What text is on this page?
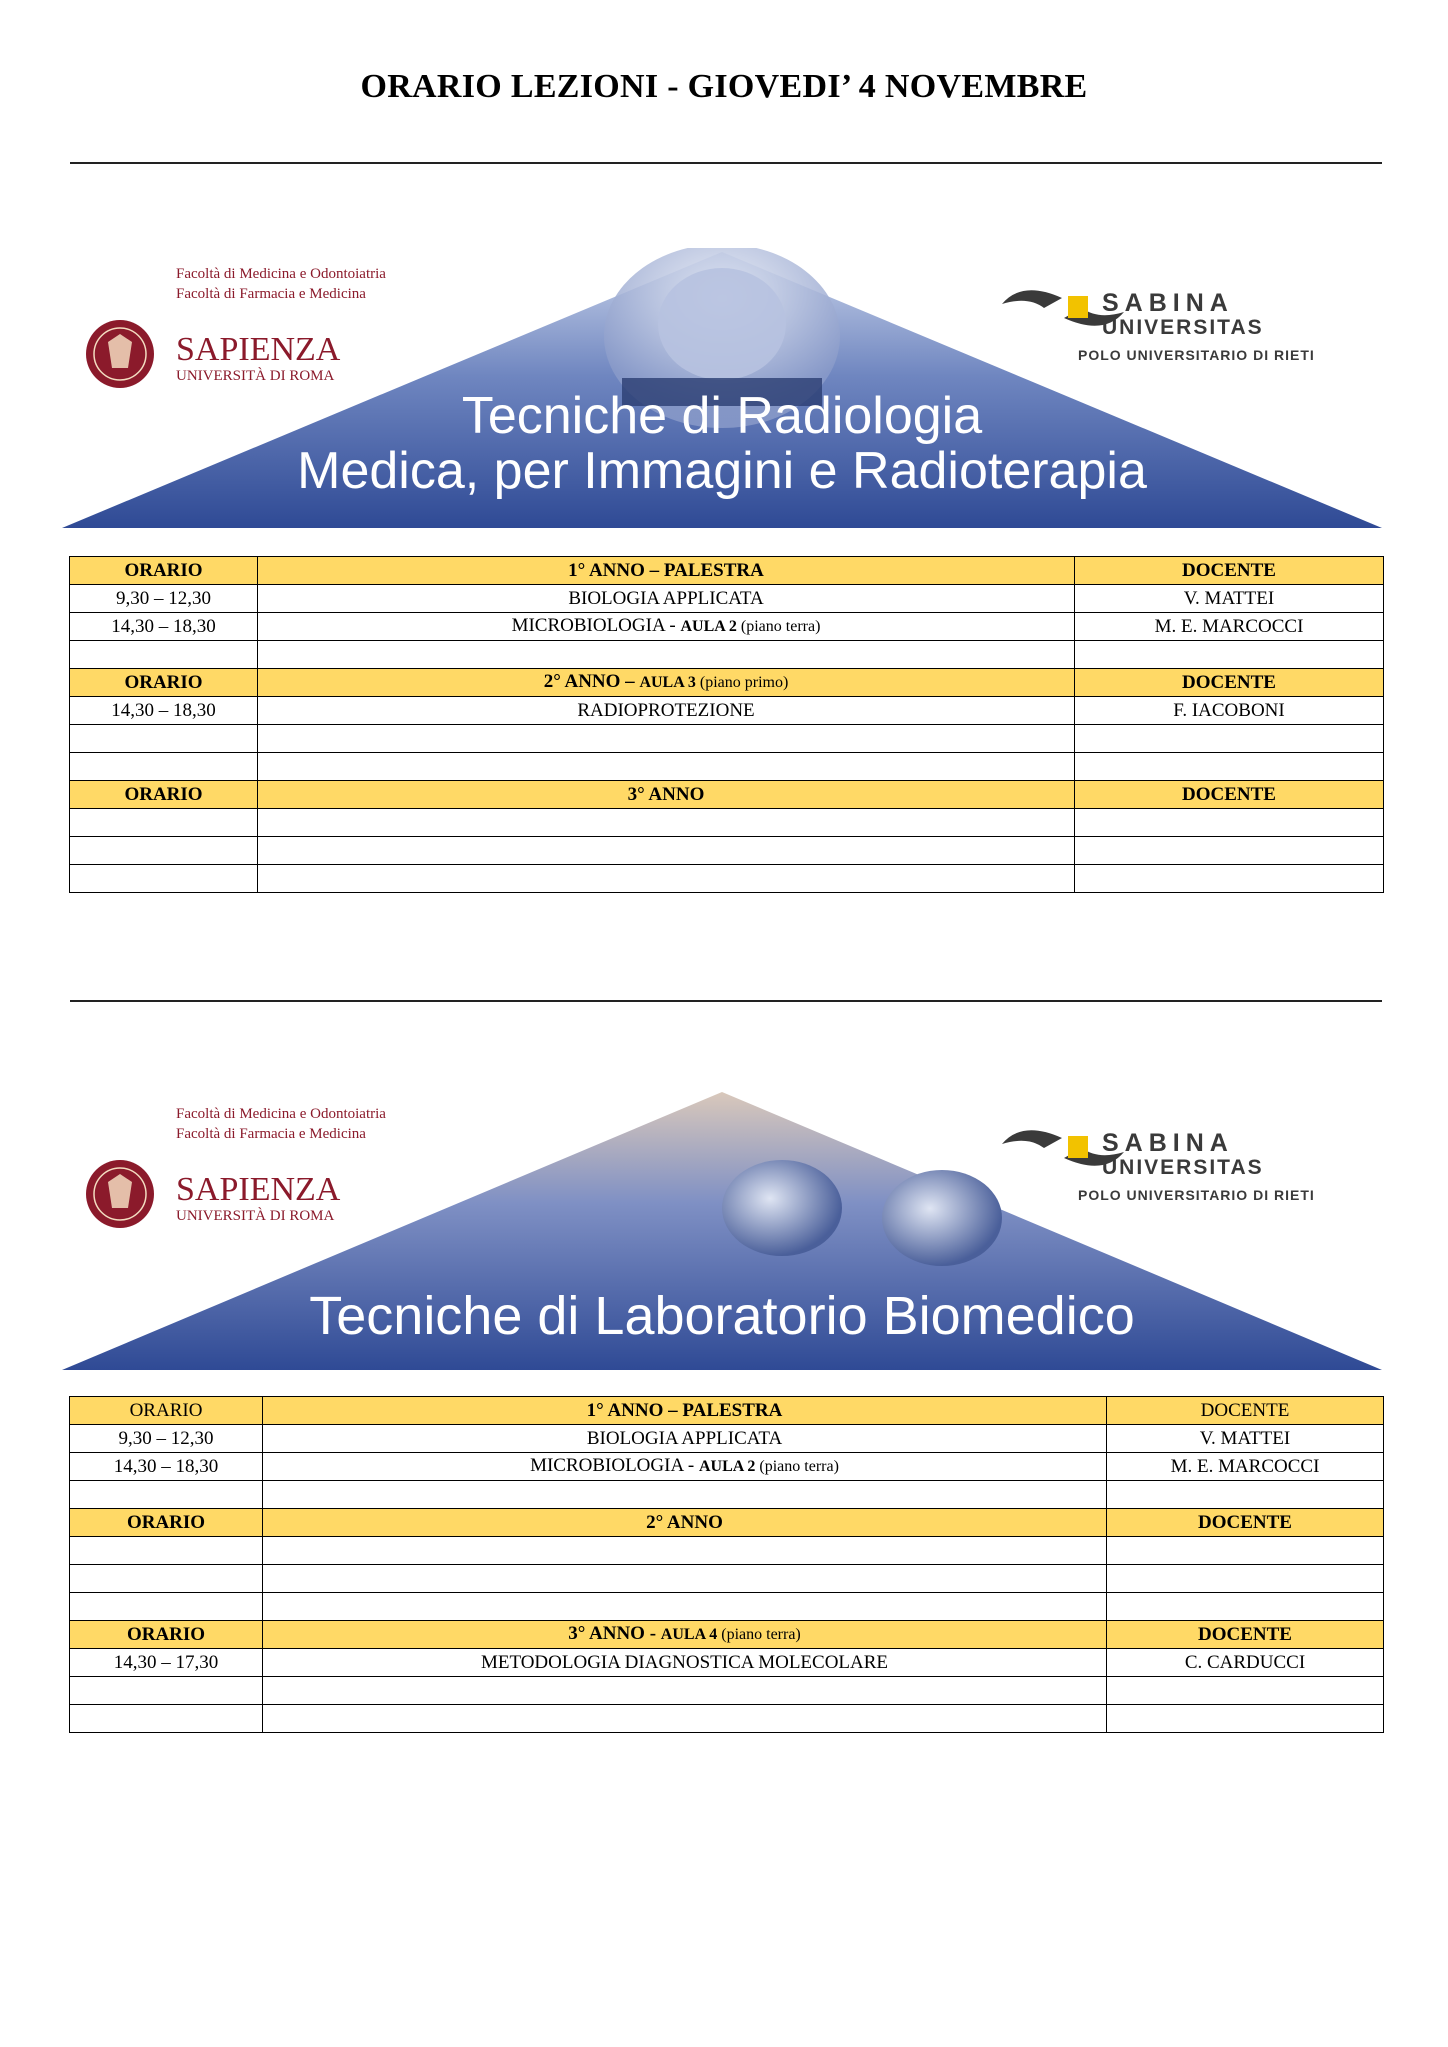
ORARIO LEZIONI - GIOVEDI’ 4 NOVEMBRE
Tecniche di Radiologia
Medica, per Immagini e Radioterapia
Facoltà di Medicina e Odontoiatria
Facoltà di Farmacia e Medicina
SAPIENZA
UNIVERSITÀ DI ROMA
SABINA
UNIVERSITAS
POLO UNIVERSITARIO DI RIETI
ORARIO	1° ANNO – PALESTRA	DOCENTE
9,30 – 12,30	BIOLOGIA APPLICATA	V. MATTEI
14,30 – 18,30	MICROBIOLOGIA - AULA 2 (piano terra)	M. E. MARCOCCI

ORARIO	2° ANNO – AULA 3 (piano primo)	DOCENTE
14,30 – 18,30	RADIOPROTEZIONE	F. IACOBONI

ORARIO	3° ANNO	DOCENTE

Tecniche di Laboratorio Biomedico
Facoltà di Medicina e Odontoiatria
Facoltà di Farmacia e Medicina
SAPIENZA
UNIVERSITÀ DI ROMA
SABINA
UNIVERSITAS
POLO UNIVERSITARIO DI RIETI
ORARIO	1° ANNO – PALESTRA	DOCENTE
9,30 – 12,30	BIOLOGIA APPLICATA	V. MATTEI
14,30 – 18,30	MICROBIOLOGIA - AULA 2 (piano terra)	M. E. MARCOCCI

ORARIO	2° ANNO	DOCENTE

ORARIO	3° ANNO - AULA 4 (piano terra)	DOCENTE
14,30 – 17,30	METODOLOGIA DIAGNOSTICA MOLECOLARE	C. CARDUCCI
